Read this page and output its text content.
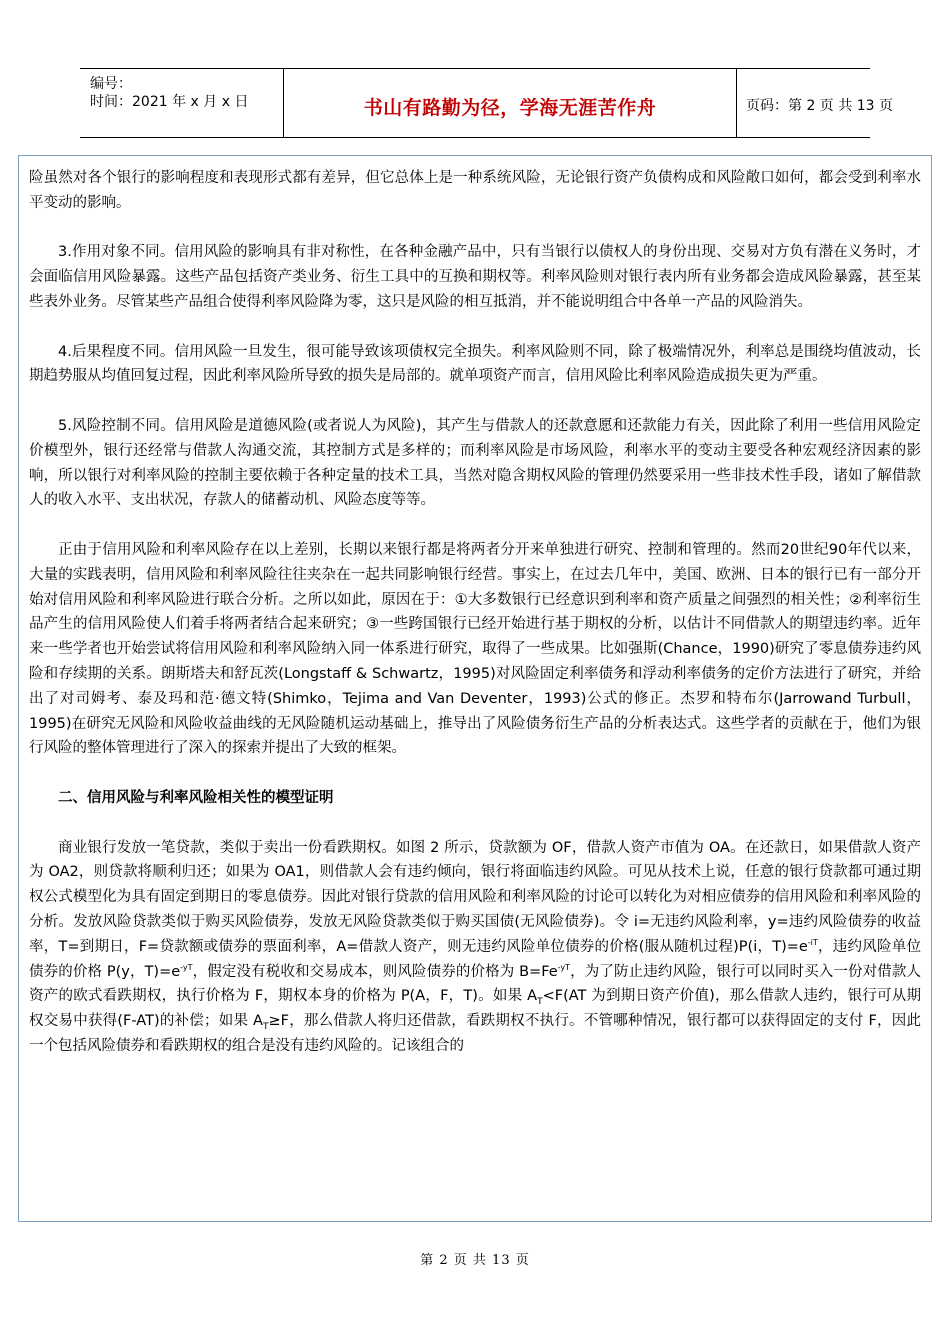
编号：
时间：2021 年 x 月 x 日	书山有路勤为径，学海无涯苦作舟	页码：第 2 页 共 13 页

险虽然对各个银行的影响程度和表现形式都有差异，但它总体上是一种系统风险，无论银行资产负债构成和风险敞口如何，都会受到利率水平变动的影响。

3.作用对象不同。信用风险的影响具有非对称性，在各种金融产品中，只有当银行以债权人的身份出现、交易对方负有潜在义务时，才会面临信用风险暴露。这些产品包括资产类业务、衍生工具中的互换和期权等。利率风险则对银行表内所有业务都会造成风险暴露，甚至某些表外业务。尽管某些产品组合使得利率风险降为零，这只是风险的相互抵消，并不能说明组合中各单一产品的风险消失。

4.后果程度不同。信用风险一旦发生，很可能导致该项债权完全损失。利率风险则不同，除了极端情况外，利率总是围绕均值波动，长期趋势服从均值回复过程，因此利率风险所导致的损失是局部的。就单项资产而言，信用风险比利率风险造成损失更为严重。

5.风险控制不同。信用风险是道德风险(或者说人为风险)，其产生与借款人的还款意愿和还款能力有关，因此除了利用一些信用风险定价模型外，银行还经常与借款人沟通交流，其控制方式是多样的；而利率风险是市场风险，利率水平的变动主要受各种宏观经济因素的影响，所以银行对利率风险的控制主要依赖于各种定量的技术工具，当然对隐含期权风险的管理仍然要采用一些非技术性手段，诸如了解借款人的收入水平、支出状况，存款人的储蓄动机、风险态度等等。

正由于信用风险和利率风险存在以上差别，长期以来银行都是将两者分开来单独进行研究、控制和管理的。然而20世纪90年代以来，大量的实践表明，信用风险和利率风险往往夹杂在一起共同影响银行经营。事实上，在过去几年中，美国、欧洲、日本的银行已有一部分开始对信用风险和利率风险进行联合分析。之所以如此，原因在于：①大多数银行已经意识到利率和资产质量之间强烈的相关性；②利率衍生品产生的信用风险使人们着手将两者结合起来研究；③一些跨国银行已经开始进行基于期权的分析，以估计不同借款人的期望违约率。近年来一些学者也开始尝试将信用风险和利率风险纳入同一体系进行研究，取得了一些成果。比如强斯(Chance，1990)研究了零息债券违约风险和存续期的关系。朗斯塔夫和舒瓦茨(Longstaff & Schwartz，1995)对风险固定利率债务和浮动利率债务的定价方法进行了研究，并给出了对司姆考、泰及玛和范·德文特(Shimko，Tejima and Van Deventer，1993)公式的修正。杰罗和特布尔(Jarrowand Turbull，1995)在研究无风险和风险收益曲线的无风险随机运动基础上，推导出了风险债务衍生产品的分析表达式。这些学者的贡献在于，他们为银行风险的整体管理进行了深入的探索并提出了大致的框架。

二、信用风险与利率风险相关性的模型证明

商业银行发放一笔贷款，类似于卖出一份看跌期权。如图 2 所示，贷款额为 OF，借款人资产市值为 OA。在还款日，如果借款人资产为 OA2，则贷款将顺利归还；如果为 OA1，则借款人会有违约倾向，银行将面临违约风险。可见从技术上说，任意的银行贷款都可通过期权公式模型化为具有固定到期日的零息债券。因此对银行贷款的信用风险和利率风险的讨论可以转化为对相应债券的信用风险和利率风险的分析。发放风险贷款类似于购买风险债券，发放无风险贷款类似于购买国债(无风险债券)。令 i=无违约风险利率，y=违约风险债券的收益率，T=到期日，F=贷款额或债券的票面利率，A=借款人资产，则无违约风险单位债券的价格(服从随机过程)P(i，$T)=e^{-iT}$，违约风险单位债券的价格 P(y，$T)=e^{-yT}$，假定没有税收和交易成本，则风险债券的价格为 $B=Fe^{-yT}$，为了防止违约风险，银行可以同时买入一份对借款人资产的欧式看跌期权，执行价格为 F，期权本身的价格为 P(A，F，T)。如果 $A_T<F(AT$ 为到期日资产价值)，那么借款人违约，银行可从期权交易中获得(F-AT)的补偿；如果 $A_T\ge F$，那么借款人将归还借款，看跌期权不执行。不管哪种情况，银行都可以获得固定的支付 F，因此一个包括风险债券和看跌期权的组合是没有违约风险的。记该组合的

第 2 页 共 13 页
